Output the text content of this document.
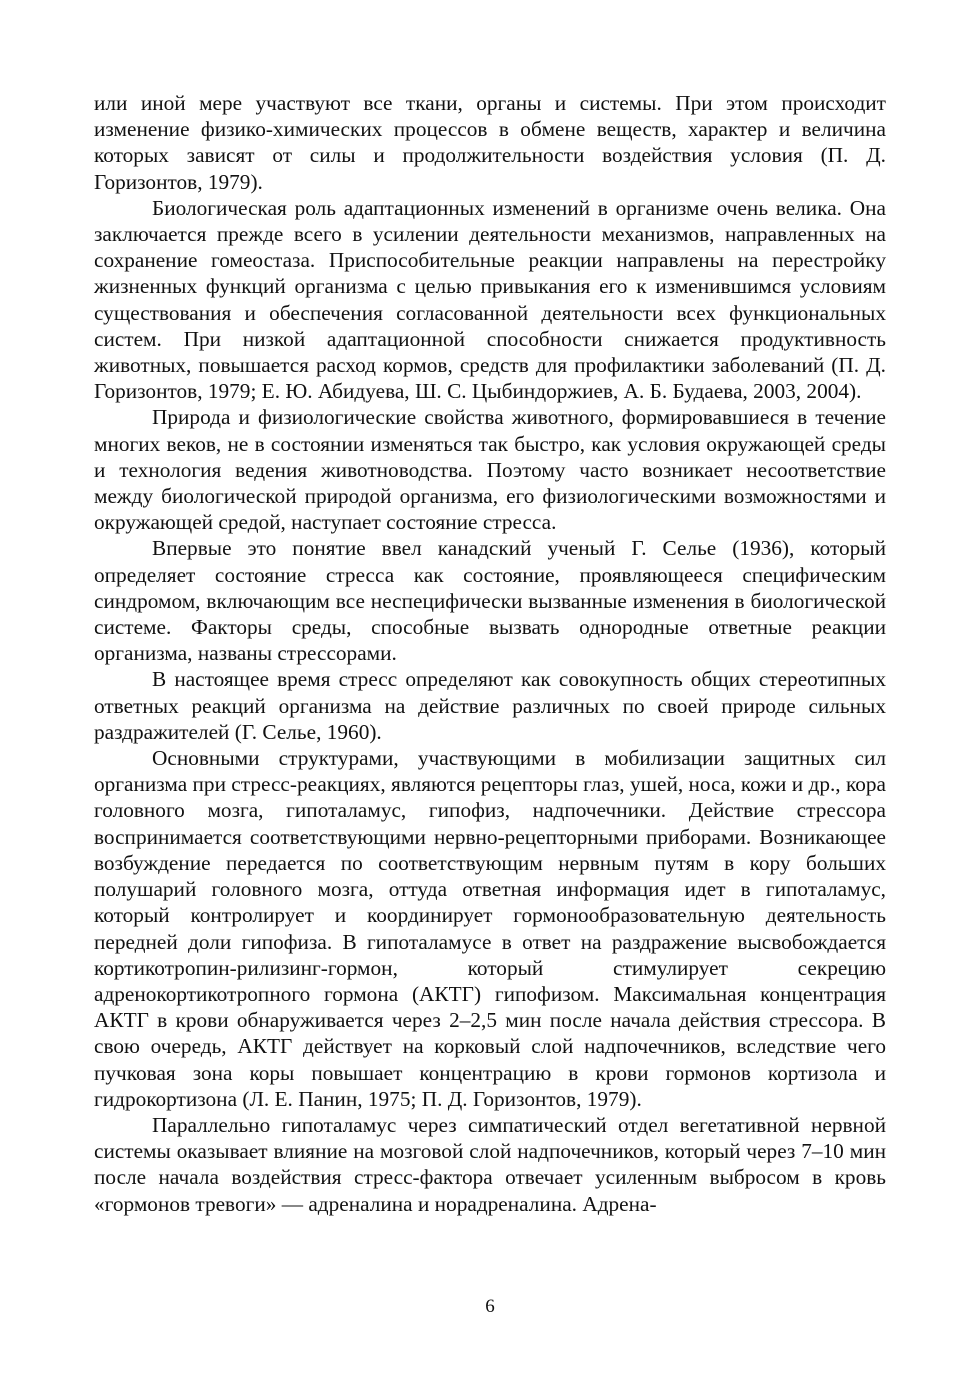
или иной мере участвуют все ткани, органы и системы. При этом происходит изменение физико-химических процессов в обмене веществ, характер и величина которых зависят от силы и продолжительности воздействия условия (П. Д. Горизонтов, 1979).

Биологическая роль адаптационных изменений в организме очень велика. Она заключается прежде всего в усилении деятельности механизмов, направленных на сохранение гомеостаза. Приспособительные реакции направлены на перестройку жизненных функций организма с целью привыкания его к изменившимся условиям существования и обеспечения согласованной деятельности всех функциональных систем. При низкой адаптационной способности снижается продуктивность животных, повышается расход кормов, средств для профилактики заболеваний (П. Д. Горизонтов, 1979; Е. Ю. Абидуева, Ш. С. Цыбиндоржиев, А. Б. Будаева, 2003, 2004).

Природа и физиологические свойства животного, формировавшиеся в течение многих веков, не в состоянии изменяться так быстро, как условия окружающей среды и технология ведения животноводства. Поэтому часто возникает несоответствие между биологической природой организма, его физиологическими возможностями и окружающей средой, наступает состояние стресса.

Впервые это понятие ввел канадский ученый Г. Селье (1936), который определяет состояние стресса как состояние, проявляющееся специфическим синдромом, включающим все неспецифически вызванные изменения в биологической системе. Факторы среды, способные вызвать однородные ответные реакции организма, названы стрессорами.

В настоящее время стресс определяют как совокупность общих стереотипных ответных реакций организма на действие различных по своей природе сильных раздражителей (Г. Селье, 1960).

Основными структурами, участвующими в мобилизации защитных сил организма при стресс-реакциях, являются рецепторы глаз, ушей, носа, кожи и др., кора головного мозга, гипоталамус, гипофиз, надпочечники. Действие стрессора воспринимается соответствующими нервно-рецепторными приборами. Возникающее возбуждение передается по соответствующим нервным путям в кору больших полушарий головного мозга, оттуда ответная информация идет в гипоталамус, который контролирует и координирует гормонообразовательную деятельность передней доли гипофиза. В гипоталамусе в ответ на раздражение высвобождается кортикотропин-рилизинг-гормон, который стимулирует секрецию адренокортикотропного гормона (АКТГ) гипофизом. Максимальная концентрация АКТГ в крови обнаруживается через 2–2,5 мин после начала действия стрессора. В свою очередь, АКТГ действует на корковый слой надпочечников, вследствие чего пучковая зона коры повышает концентрацию в крови гормонов кортизола и гидрокортизона (Л. Е. Панин, 1975; П. Д. Горизонтов, 1979).

Параллельно гипоталамус через симпатический отдел вегетативной нервной системы оказывает влияние на мозговой слой надпочечников, который через 7–10 мин после начала воздействия стресс-фактора отвечает усиленным выбросом в кровь «гормонов тревоги» — адреналина и норадреналина. Адрена-

6
